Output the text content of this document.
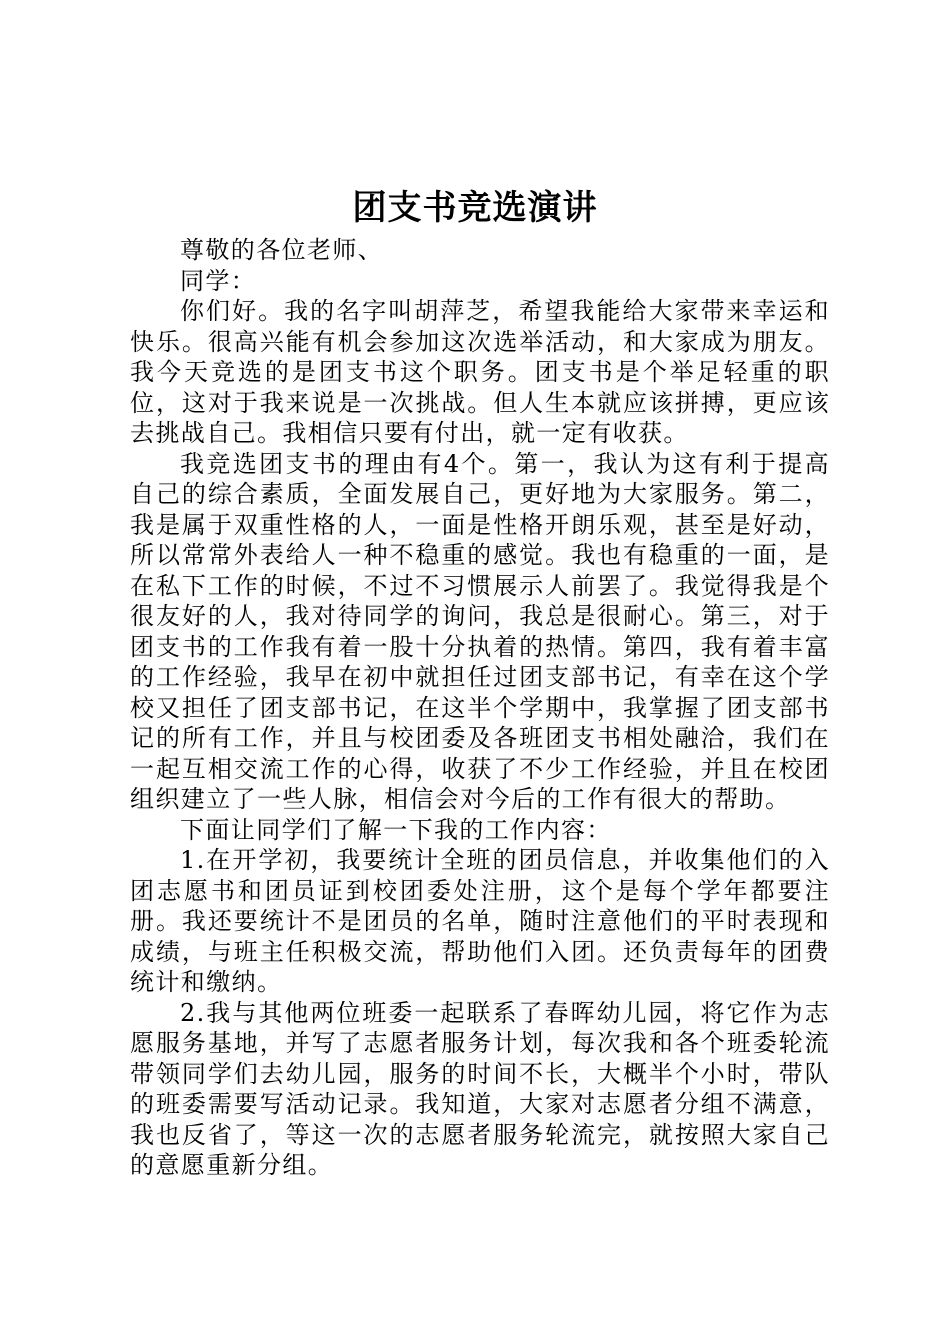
团支书竞选演讲

尊敬的各位老师、

同学：

你们好。我的名字叫胡萍芝，希望我能给大家带来幸运和快乐。很高兴能有机会参加这次选举活动，和大家成为朋友。我今天竞选的是团支书这个职务。团支书是个举足轻重的职位，这对于我来说是一次挑战。但人生本就应该拼搏，更应该去挑战自己。我相信只要有付出，就一定有收获。

我竞选团支书的理由有4个。第一，我认为这有利于提高自己的综合素质，全面发展自己，更好地为大家服务。第二，我是属于双重性格的人，一面是性格开朗乐观，甚至是好动，所以常常外表给人一种不稳重的感觉。我也有稳重的一面，是在私下工作的时候，不过不习惯展示人前罢了。我觉得我是个很友好的人，我对待同学的询问，我总是很耐心。第三，对于团支书的工作我有着一股十分执着的热情。第四，我有着丰富的工作经验，我早在初中就担任过团支部书记，有幸在这个学校又担任了团支部书记，在这半个学期中，我掌握了团支部书记的所有工作，并且与校团委及各班团支书相处融洽，我们在一起互相交流工作的心得，收获了不少工作经验，并且在校团组织建立了一些人脉，相信会对今后的工作有很大的帮助。

下面让同学们了解一下我的工作内容：

1.在开学初，我要统计全班的团员信息，并收集他们的入团志愿书和团员证到校团委处注册，这个是每个学年都要注册。我还要统计不是团员的名单，随时注意他们的平时表现和成绩，与班主任积极交流，帮助他们入团。还负责每年的团费统计和缴纳。

2.我与其他两位班委一起联系了春晖幼儿园，将它作为志愿服务基地，并写了志愿者服务计划，每次我和各个班委轮流带领同学们去幼儿园，服务的时间不长，大概半个小时，带队的班委需要写活动记录。我知道，大家对志愿者分组不满意，我也反省了，等这一次的志愿者服务轮流完，就按照大家自己的意愿重新分组。
